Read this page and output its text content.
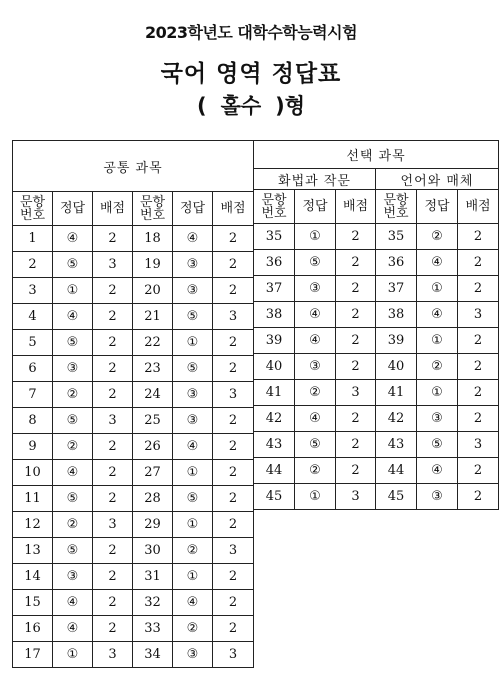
2023학년도 대학수학능력시험
국어 영역 정답표
( 홀수 )형
공통 과목					

문항
번호	정답	배점	문항
번호	정답	배점
1	④	2	18	④	2
2	⑤	3	19	③	2
3	①	2	20	③	2
4	④	2	21	⑤	3
5	⑤	2	22	①	2
6	③	2	23	⑤	2
7	②	2	24	③	3
8	⑤	3	25	③	2
9	②	2	26	④	2
10	④	2	27	①	2
11	⑤	2	28	⑤	2
12	②	3	29	①	2
13	⑤	2	30	②	3
14	③	2	31	①	2
15	④	2	32	④	2
16	④	2	33	②	2
17	①	3	34	③	3
선택 과목					
화법과 작문			언어와 매체		
문항
번호	정답	배점	문항
번호	정답	배점
35	①	2	35	②	2
36	⑤	2	36	④	2
37	③	2	37	①	2
38	④	2	38	④	3
39	④	2	39	①	2
40	③	2	40	②	2
41	②	3	41	①	2
42	④	2	42	③	2
43	⑤	2	43	⑤	3
44	②	2	44	④	2
45	①	3	45	③	2
